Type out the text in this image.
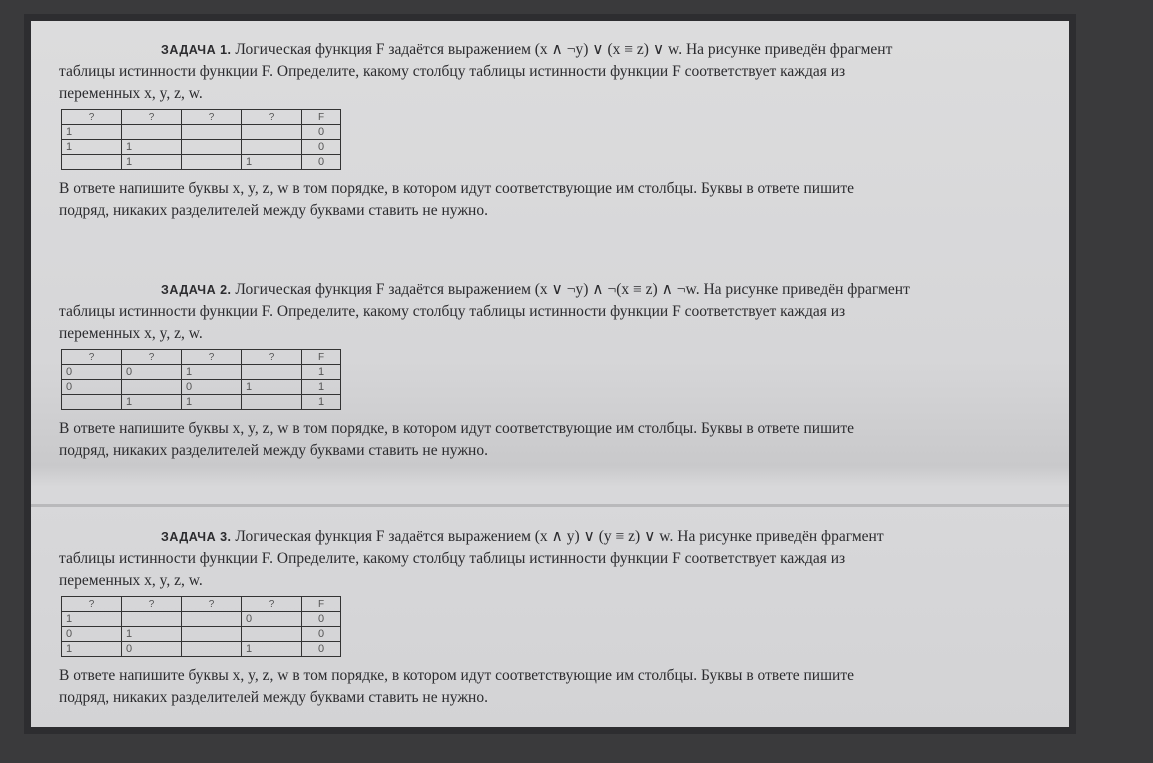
ЗАДАЧА 1. Логическая функция F задаётся выражением (x ∧ ¬y) ∨ (x ≡ z) ∨ w. На рисунке приведён фрагмент

таблицы истинности функции F. Определите, какому столбцу таблицы истинности функции F соответствует каждая из

переменных x, y, z, w.

?	?	?	?	F
1				0
1	1			0
	1		1	0

В ответе напишите буквы x, y, z, w в том порядке, в котором идут соответствующие им столбцы. Буквы в ответе пишите

подряд, никаких разделителей между буквами ставить не нужно.

ЗАДАЧА 2. Логическая функция F задаётся выражением (x ∨ ¬y) ∧ ¬(x ≡ z) ∧ ¬w. На рисунке приведён фрагмент

таблицы истинности функции F. Определите, какому столбцу таблицы истинности функции F соответствует каждая из

переменных x, y, z, w.

?	?	?	?	F
0	0	1		1
0		0	1	1
	1	1		1

В ответе напишите буквы x, y, z, w в том порядке, в котором идут соответствующие им столбцы. Буквы в ответе пишите

подряд, никаких разделителей между буквами ставить не нужно.

ЗАДАЧА 3. Логическая функция F задаётся выражением (x ∧ y) ∨ (y ≡ z) ∨ w. На рисунке приведён фрагмент

таблицы истинности функции F. Определите, какому столбцу таблицы истинности функции F соответствует каждая из

переменных x, y, z, w.

?	?	?	?	F
1			0	0
0	1			0
1	0		1	0

В ответе напишите буквы x, y, z, w в том порядке, в котором идут соответствующие им столбцы. Буквы в ответе пишите

подряд, никаких разделителей между буквами ставить не нужно.
